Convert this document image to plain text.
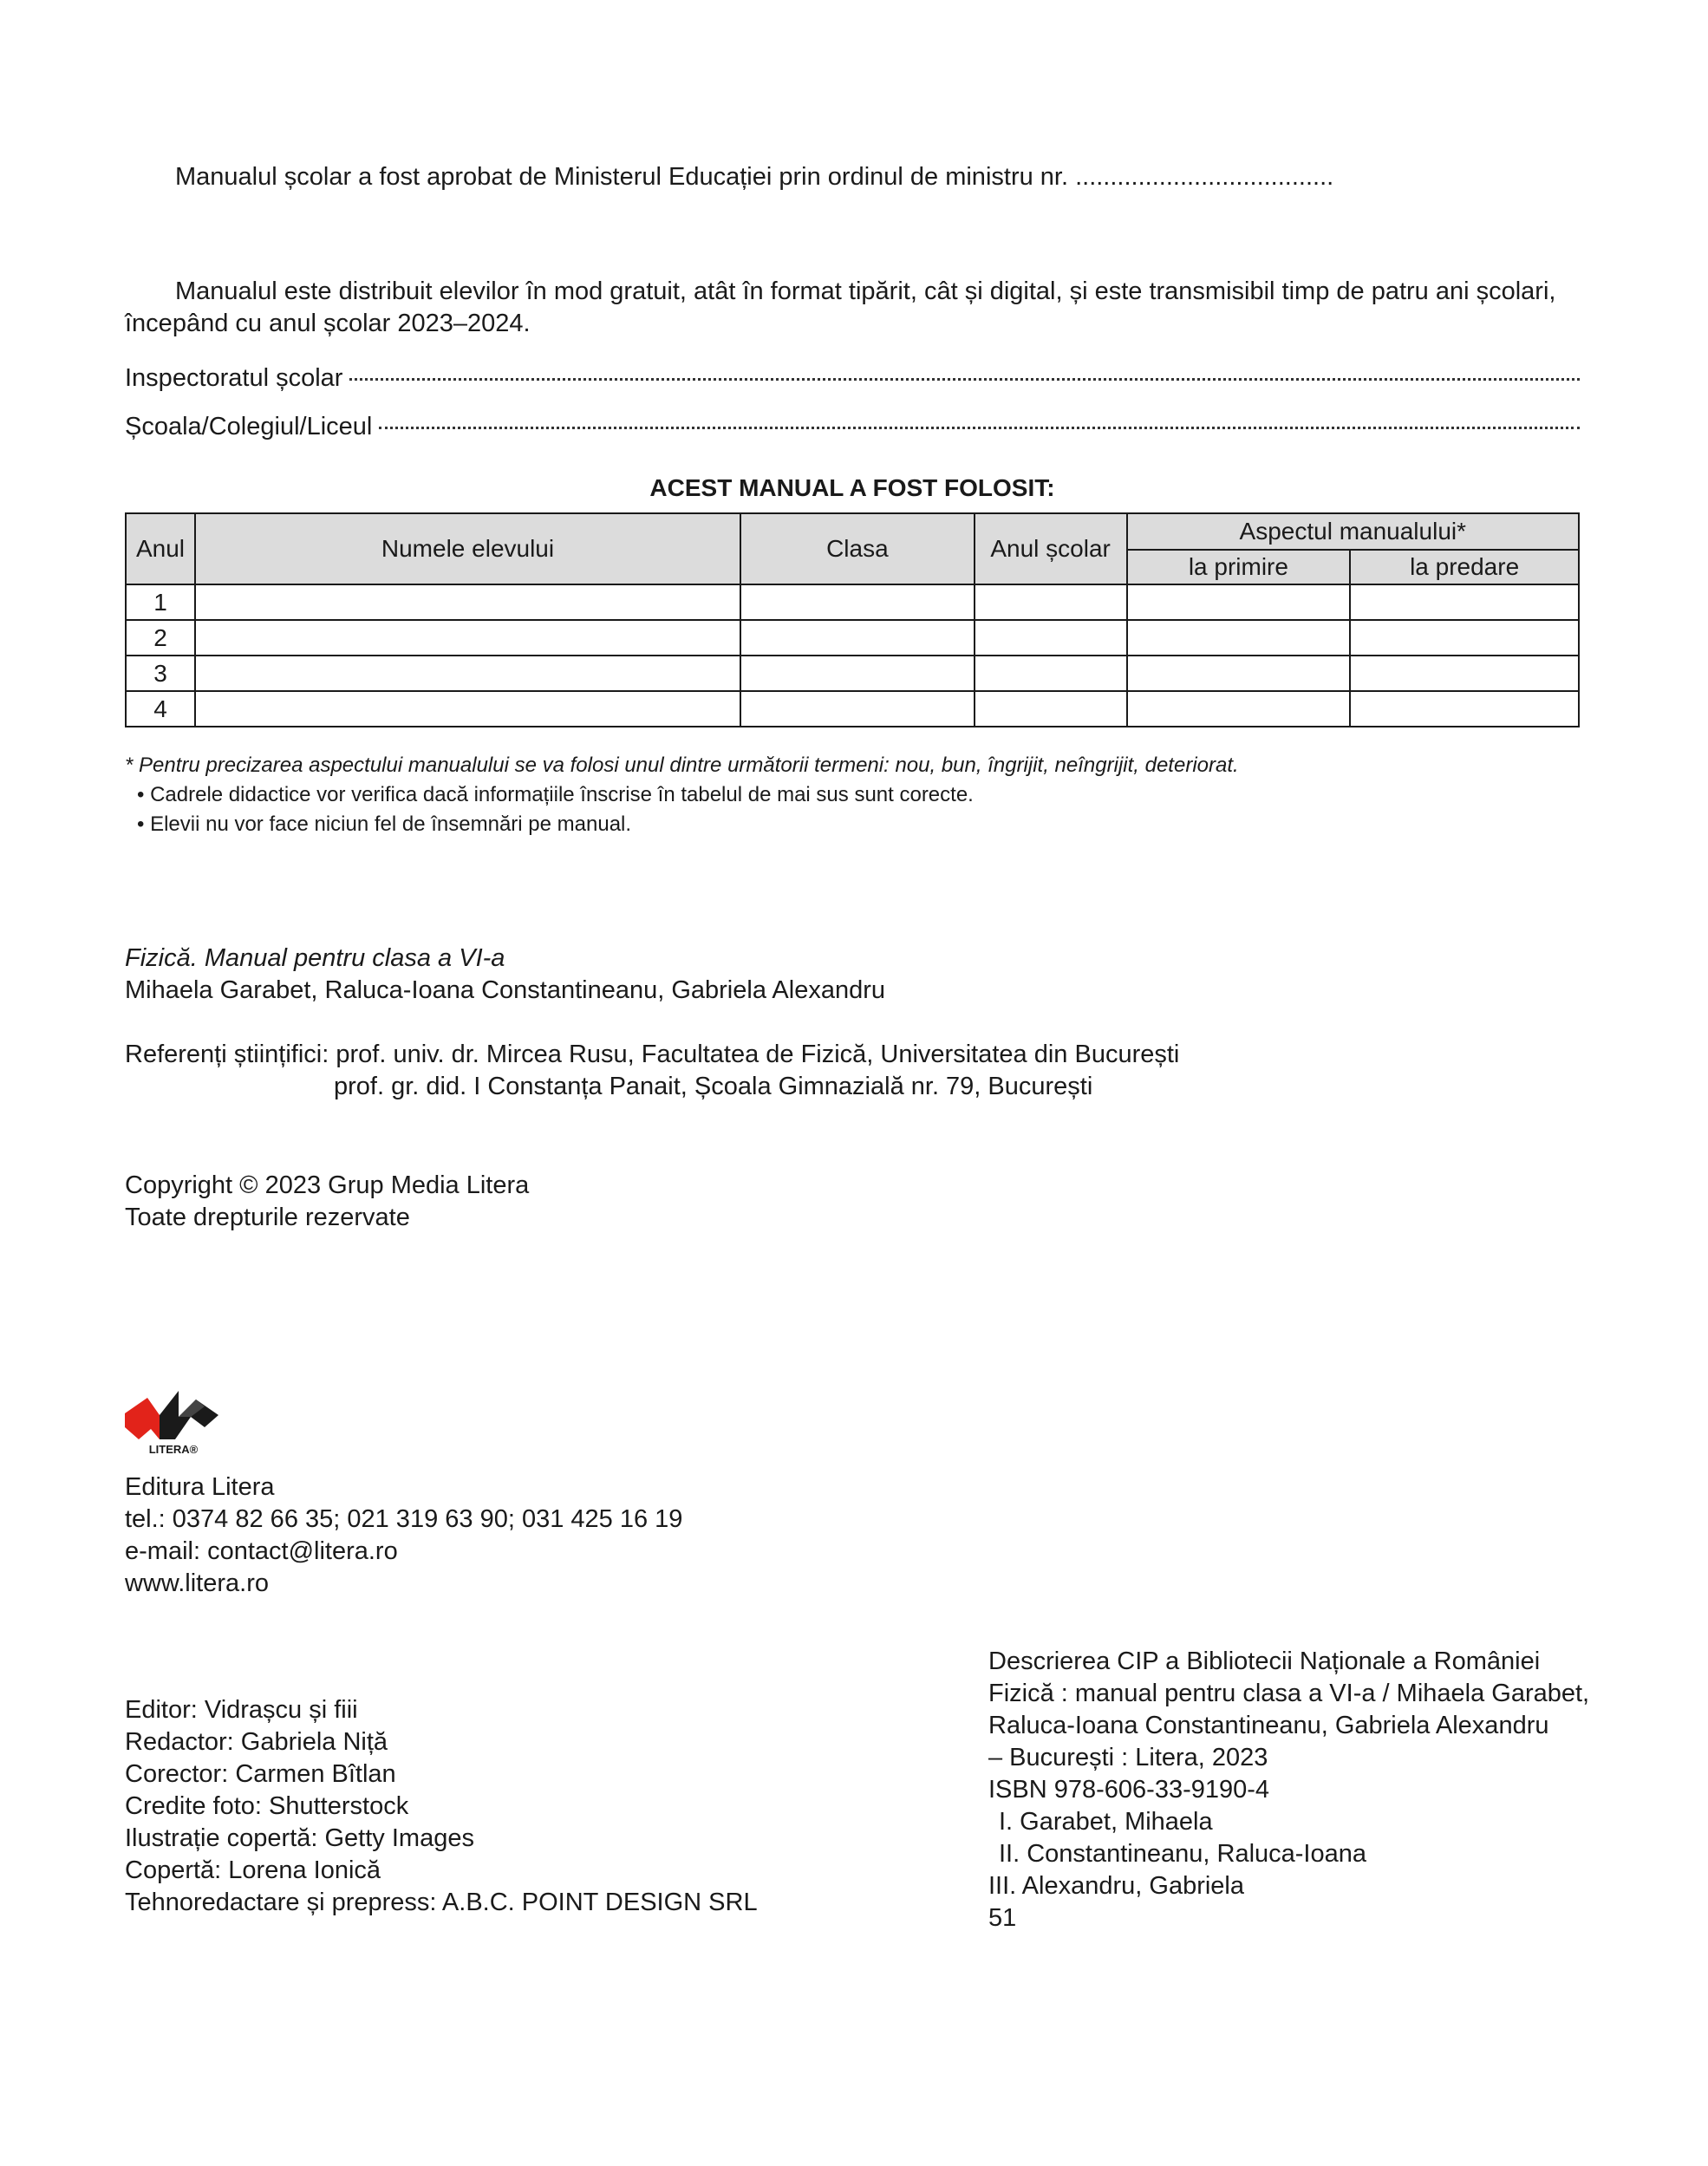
Manualul școlar a fost aprobat de Ministerul Educației prin ordinul de ministru nr. .....................................
Manualul este distribuit elevilor în mod gratuit, atât în format tipărit, cât și digital, și este transmisibil timp de patru ani școlari, începând cu anul școlar 2023–2024.
Inspectoratul școlar
Școala/Colegiul/Liceul
ACEST MANUAL A FOST FOLOSIT:
Anul	Numele elevului	Clasa	Anul școlar	Aspectul manualului*	
				la primire	la predare
1					
2					
3					
4					
* Pentru precizarea aspectului manualului se va folosi unul dintre următorii termeni: nou, bun, îngrijit, neîngrijit, deteriorat.
• Cadrele didactice vor verifica dacă informațiile înscrise în tabelul de mai sus sunt corecte.
• Elevii nu vor face niciun fel de însemnări pe manual.
Fizică. Manual pentru clasa a VI-a
Mihaela Garabet, Raluca-Ioana Constantineanu, Gabriela Alexandru
Referenți științifici: prof. univ. dr. Mircea Rusu, Facultatea de Fizică, Universitatea din București
prof. gr. did. I Constanța Panait, Școala Gimnazială nr. 79, București
Copyright © 2023 Grup Media Litera
Toate drepturile rezervate
LITERA®
Editura Litera
tel.: 0374 82 66 35; 021 319 63 90; 031 425 16 19
e-mail: contact@litera.ro
www.litera.ro
Editor: Vidrașcu și fiii
Redactor: Gabriela Niță
Corector: Carmen Bîtlan
Credite foto: Shutterstock
Ilustrație copertă: Getty Images
Copertă: Lorena Ionică
Tehnoredactare și prepress: A.B.C. POINT DESIGN SRL
Descrierea CIP a Bibliotecii Naționale a României
Fizică : manual pentru clasa a VI-a / Mihaela Garabet,
Raluca-Ioana Constantineanu, Gabriela Alexandru
– București : Litera, 2023
ISBN 978-606-33-9190-4
I. Garabet, Mihaela
II. Constantineanu, Raluca-Ioana
III. Alexandru, Gabriela
51
